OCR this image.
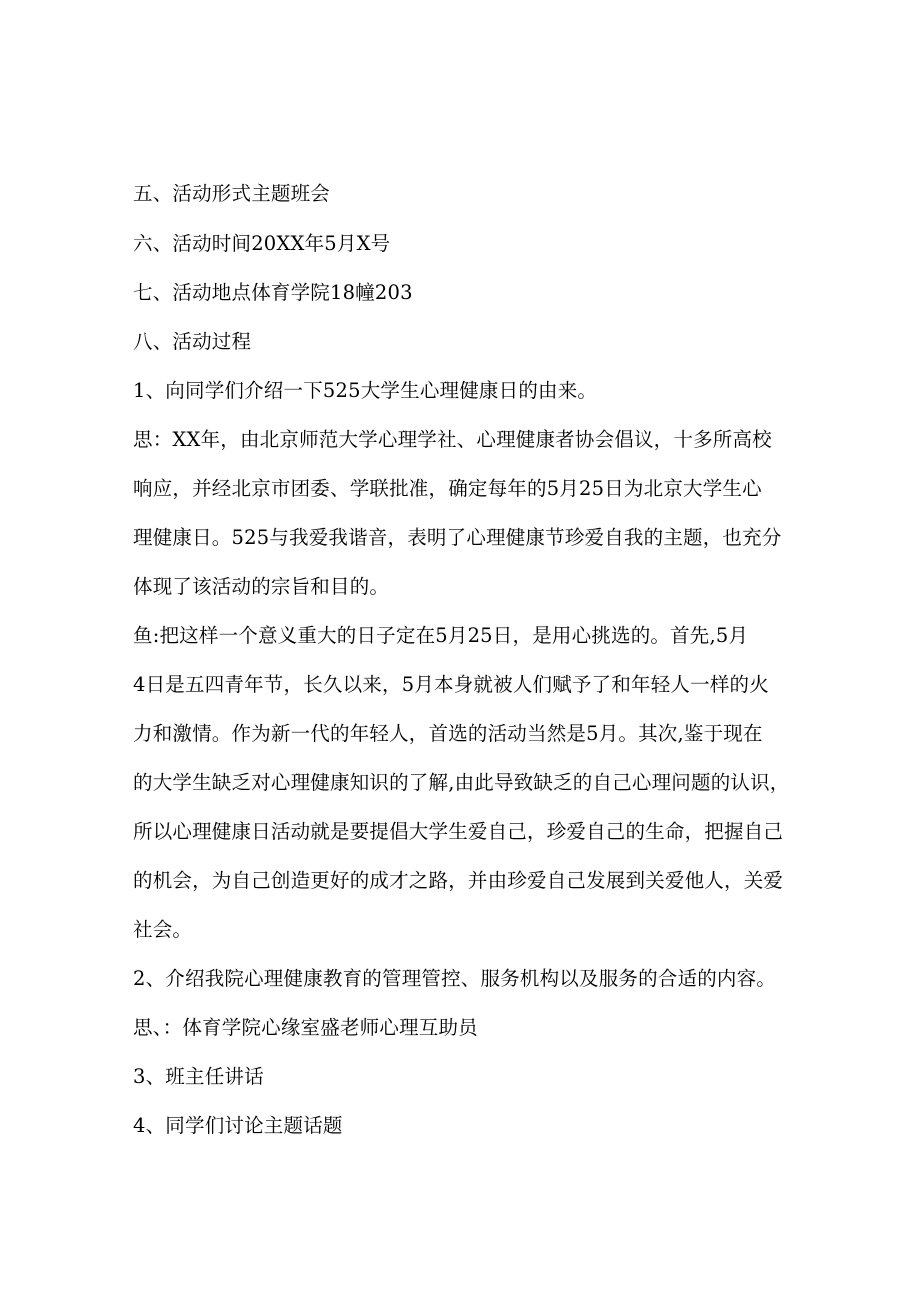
五、活动形式主题班会
六、活动时间20XX年5月X号
七、活动地点体育学院18幢203
八、活动过程
1、向同学们介绍一下525大学生心理健康日的由来。
思：XX年，由北京师范大学心理学社、心理健康者协会倡议，十多所高校
响应，并经北京市团委、学联批准，确定每年的5月25日为北京大学生心
理健康日。525与我爱我谐音，表明了心理健康节珍爱自我的主题，也充分
体现了该活动的宗旨和目的。
鱼:把这样一个意义重大的日子定在5月25日，是用心挑选的。首先,5月
4日是五四青年节，长久以来，5月本身就被人们赋予了和年轻人一样的火
力和激情。作为新一代的年轻人，首选的活动当然是5月。其次,鉴于现在
的大学生缺乏对心理健康知识的了解,由此导致缺乏的自己心理问题的认识，
所以心理健康日活动就是要提倡大学生爱自己，珍爱自己的生命，把握自己
的机会，为自己创造更好的成才之路，并由珍爱自己发展到关爱他人，关爱
社会。
2、介绍我院心理健康教育的管理管控、服务机构以及服务的合适的内容。
思、：体育学院心缘室盛老师心理互助员
3、班主任讲话
4、同学们讨论主题话题
